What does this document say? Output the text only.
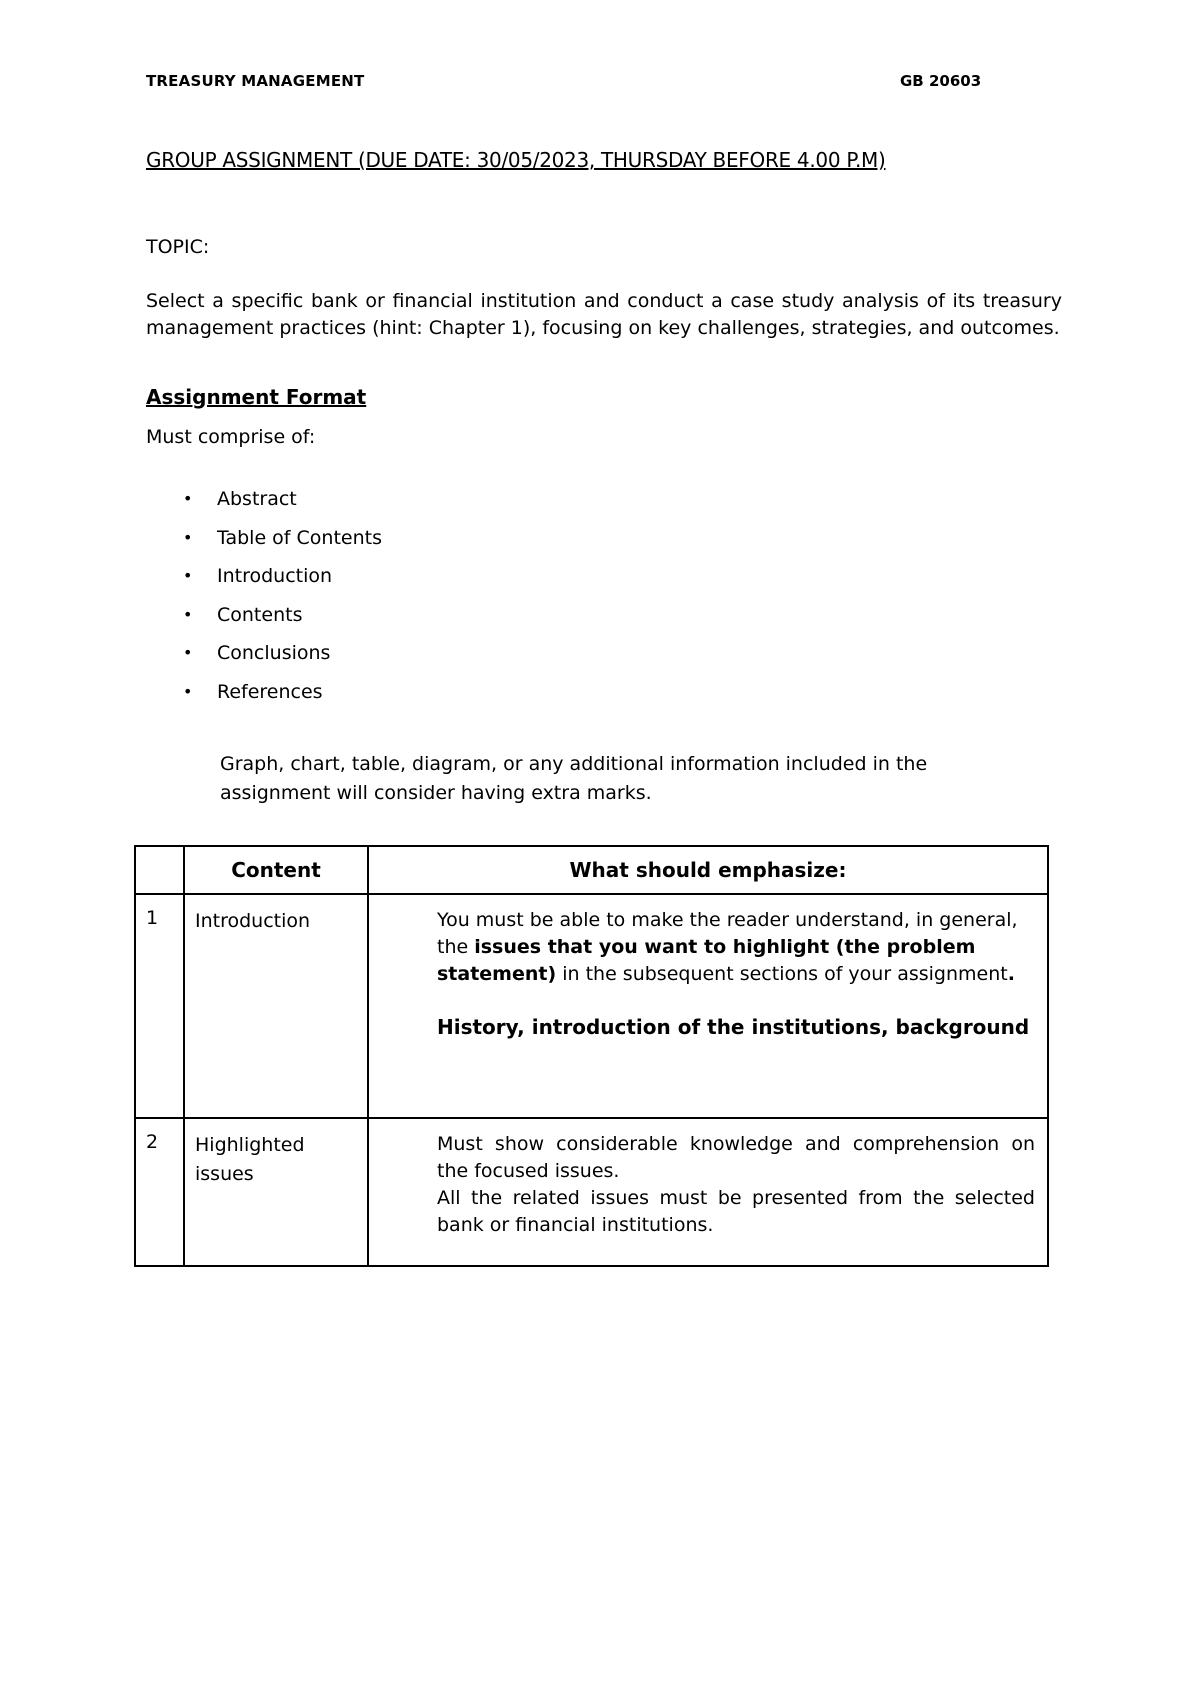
TREASURY MANAGEMENT	GB 20603
GROUP ASSIGNMENT (DUE DATE: 30/05/2023, THURSDAY BEFORE 4.00 P.M)
TOPIC:
Select a specific bank or financial institution and conduct a case study analysis of its treasury management practices (hint: Chapter 1), focusing on key challenges, strategies, and outcomes.
Assignment Format
Must comprise of:
•	Abstract
•	Table of Contents
•	Introduction
•	Contents
•	Conclusions
•	References
Graph, chart, table, diagram, or any additional information included in the assignment will consider having extra marks.
	Content	What should emphasize:
1	Introduction	You must be able to make the reader understand, in general, the issues that you want to highlight (the problem statement) in the subsequent sections of your assignment.
History, introduction of the institutions, background

2	Highlighted issues	Must show considerable knowledge and comprehension on the focused issues.
All the related issues must be presented from the selected bank or financial institutions.
